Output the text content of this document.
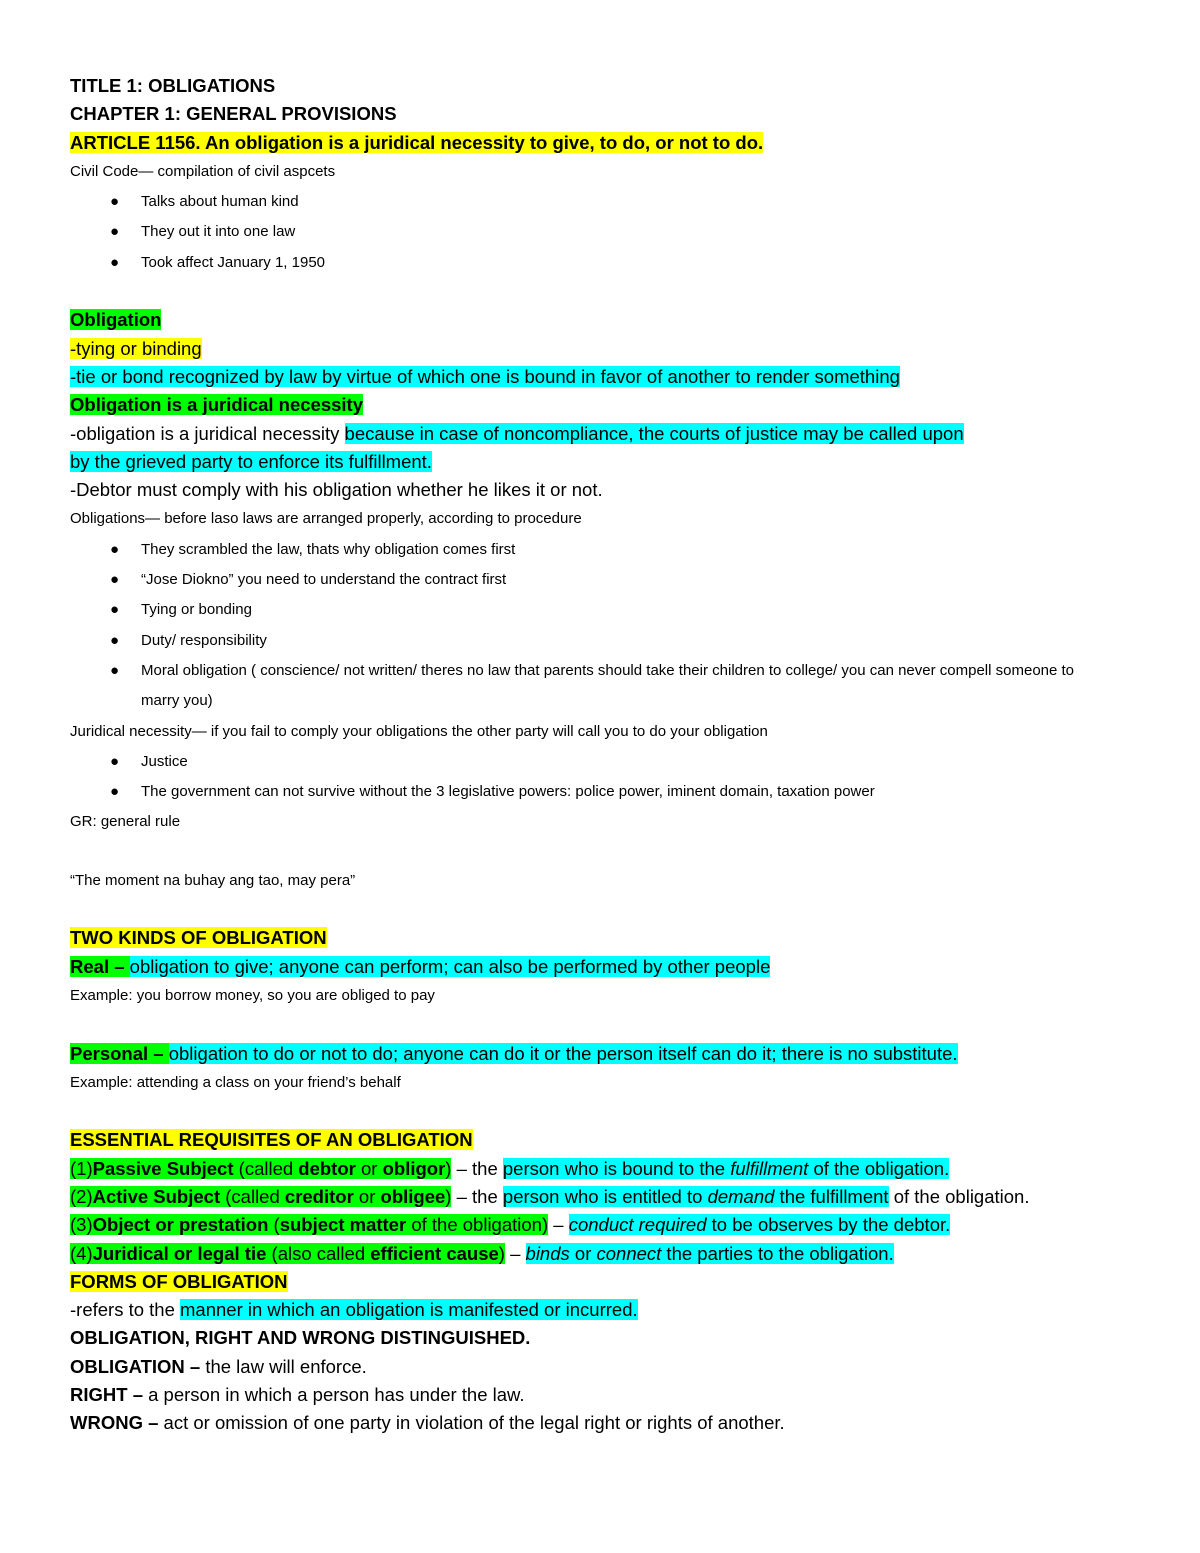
TITLE 1: OBLIGATIONS

CHAPTER 1: GENERAL PROVISIONS

ARTICLE 1156. An obligation is a juridical necessity to give, to do, or not to do.

Civil Code— compilation of civil aspcets

● Talks about human kind
● They out it into one law
● Took affect January 1, 1950

Obligation

-tying or binding

-tie or bond recognized by law by virtue of which one is bound in favor of another to render something

Obligation is a juridical necessity

-obligation is a juridical necessity because in case of noncompliance, the courts of justice may be called upon

by the grieved party to enforce its fulfillment.

-Debtor must comply with his obligation whether he likes it or not.

Obligations— before laso laws are arranged properly, according to procedure

● They scrambled the law, thats why obligation comes first
● “Jose Diokno” you need to understand the contract first
● Tying or bonding
● Duty/ responsibility
● Moral obligation ( conscience/ not written/ theres no law that parents should take their children to college/ you can never compell someone to marry you)

Juridical necessity— if you fail to comply your obligations the other party will call you to do your obligation

● Justice
● The government can not survive without the 3 legislative powers: police power, iminent domain, taxation power

GR: general rule

“The moment na buhay ang tao, may pera”

TWO KINDS OF OBLIGATION

Real – obligation to give; anyone can perform; can also be performed by other people

Example: you borrow money, so you are obliged to pay

Personal – obligation to do or not to do; anyone can do it or the person itself can do it; there is no substitute.

Example: attending a class on your friend’s behalf

ESSENTIAL REQUISITES OF AN OBLIGATION

(1)Passive Subject (called debtor or obligor) – the person who is bound to the fulfillment of the obligation.

(2)Active Subject (called creditor or obligee) – the person who is entitled to demand the fulfillment of the obligation.

(3)Object or prestation (subject matter of the obligation) – conduct required to be observes by the debtor.

(4)Juridical or legal tie (also called efficient cause) – binds or connect the parties to the obligation.

FORMS OF OBLIGATION

-refers to the manner in which an obligation is manifested or incurred.

OBLIGATION, RIGHT AND WRONG DISTINGUISHED.

OBLIGATION – the law will enforce.

RIGHT – a person in which a person has under the law.

WRONG – act or omission of one party in violation of the legal right or rights of another.
